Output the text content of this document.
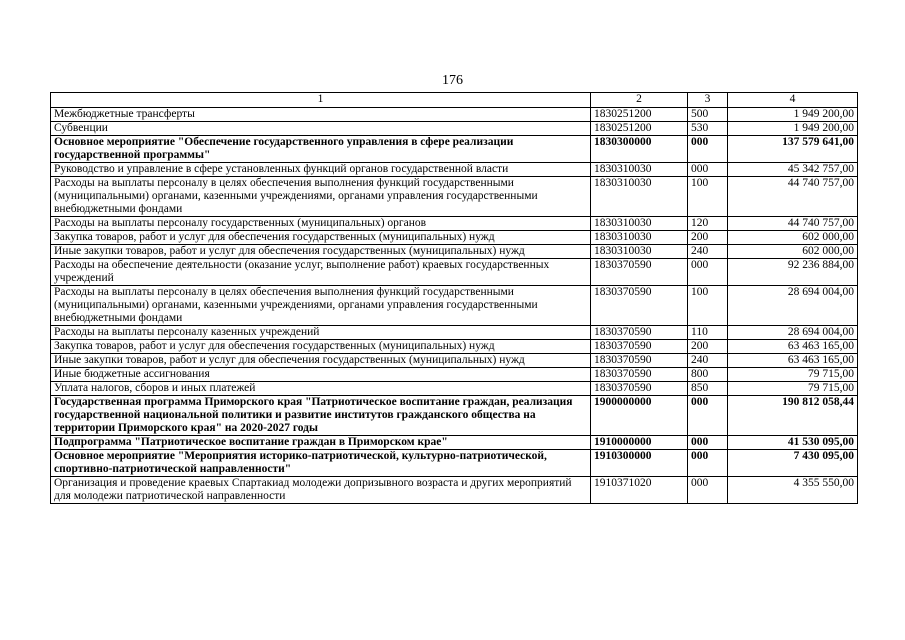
176
1	2	3	4
Межбюджетные трансферты	1830251200	500	1 949 200,00
Субвенции	1830251200	530	1 949 200,00
Основное мероприятие "Обеспечение государственного управления в сфере реализации государственной программы"	1830300000	000	137 579 641,00
Руководство и управление в сфере установленных функций органов государственной власти	1830310030	000	45 342 757,00
Расходы на выплаты персоналу в целях обеспечения выполнения функций государственными (муниципальными) органами, казенными учреждениями, органами управления государственными внебюджетными фондами	1830310030	100	44 740 757,00
Расходы на выплаты персоналу государственных (муниципальных) органов	1830310030	120	44 740 757,00
Закупка товаров, работ и услуг для обеспечения государственных (муниципальных) нужд	1830310030	200	602 000,00
Иные закупки товаров, работ и услуг для обеспечения государственных (муниципальных) нужд	1830310030	240	602 000,00
Расходы на обеспечение деятельности (оказание услуг, выполнение работ) краевых государственных учреждений	1830370590	000	92 236 884,00
Расходы на выплаты персоналу в целях обеспечения выполнения функций государственными (муниципальными) органами, казенными учреждениями, органами управления государственными внебюджетными фондами	1830370590	100	28 694 004,00
Расходы на выплаты персоналу казенных учреждений	1830370590	110	28 694 004,00
Закупка товаров, работ и услуг для обеспечения государственных (муниципальных) нужд	1830370590	200	63 463 165,00
Иные закупки товаров, работ и услуг для обеспечения государственных (муниципальных) нужд	1830370590	240	63 463 165,00
Иные бюджетные ассигнования	1830370590	800	79 715,00
Уплата налогов, сборов и иных платежей	1830370590	850	79 715,00
Государственная программа Приморского края "Патриотическое воспитание граждан, реализация государственной национальной политики и развитие институтов гражданского общества на территории Приморского края" на 2020-2027 годы	1900000000	000	190 812 058,44
Подпрограмма "Патриотическое воспитание граждан в Приморском крае"	1910000000	000	41 530 095,00
Основное мероприятие "Мероприятия историко-патриотической, культурно-патриотической, спортивно-патриотической направленности"	1910300000	000	7 430 095,00
Организация и проведение краевых Спартакиад молодежи допризывного возраста и других мероприятий для молодежи патриотической направленности	1910371020	000	4 355 550,00
